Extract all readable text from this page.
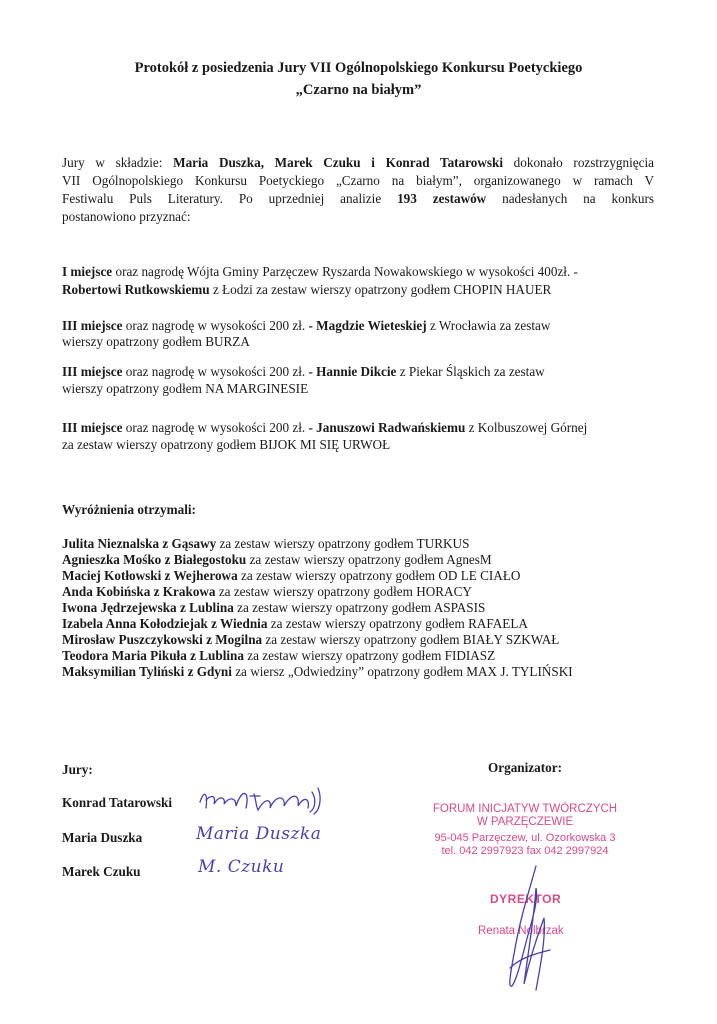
Protokół z posiedzenia Jury VII Ogólnopolskiego Konkursu Poetyckiego
„Czarno na białym”
Jury w składzie: Maria Duszka, Marek Czuku i Konrad Tatarowski dokonało rozstrzygnięcia
VII Ogólnopolskiego Konkursu Poetyckiego „Czarno na białym”, organizowanego w ramach V
Festiwalu Puls Literatury. Po uprzedniej analizie 193 zestawów nadesłanych na konkurs
postanowiono przyznać:
I miejsce oraz nagrodę Wójta Gminy Parzęczew Ryszarda Nowakowskiego w wysokości 400zł. -
Robertowi Rutkowskiemu z Łodzi za zestaw wierszy opatrzony godłem CHOPIN HAUER
III miejsce oraz nagrodę w wysokości 200 zł. - Magdzie Wieteskiej z Wrocławia za zestaw
wierszy opatrzony godłem BURZA
III miejsce oraz nagrodę w wysokości 200 zł. - Hannie Dikcie z Piekar Śląskich za zestaw
wierszy opatrzony godłem NA MARGINESIE
III miejsce oraz nagrodę w wysokości 200 zł. - Januszowi Radwańskiemu z Kolbuszowej Górnej
za zestaw wierszy opatrzony godłem BIJOK MI SIĘ URWOŁ
Wyróżnienia otrzymali:
Julita Nieznalska z Gąsawy za zestaw wierszy opatrzony godłem TURKUS
Agnieszka Mośko z Białegostoku za zestaw wierszy opatrzony godłem AgnesM
Maciej Kotłowski z Wejherowa za zestaw wierszy opatrzony godłem OD LE CIAŁO
Anda Kobińska z Krakowa za zestaw wierszy opatrzony godłem HORACY
Iwona Jędrzejewska z Lublina za zestaw wierszy opatrzony godłem ASPASIS
Izabela Anna Kołodziejak z Wiednia za zestaw wierszy opatrzony godłem RAFAELA
Mirosław Puszczykowski z Mogilna za zestaw wierszy opatrzony godłem BIAŁY SZKWAŁ
Teodora Maria Pikuła z Lublina za zestaw wierszy opatrzony godłem FIDIASZ
Maksymilian Tyliński z Gdyni za wiersz „Odwiedziny” opatrzony godłem MAX J. TYLIŃSKI
Jury:
Konrad Tatarowski
Maria Duszka
Marek Czuku
Maria Duszka
M. Czuku
Organizator:
FORUM INICJATYW TWÓRCZYCH
W PARZĘCZEWIE
95-045 Parzęczew, ul. Ozorkowska 3
tel. 042 2997923 fax 042 2997924
DYREKTOR
Renata Nolbrzak
